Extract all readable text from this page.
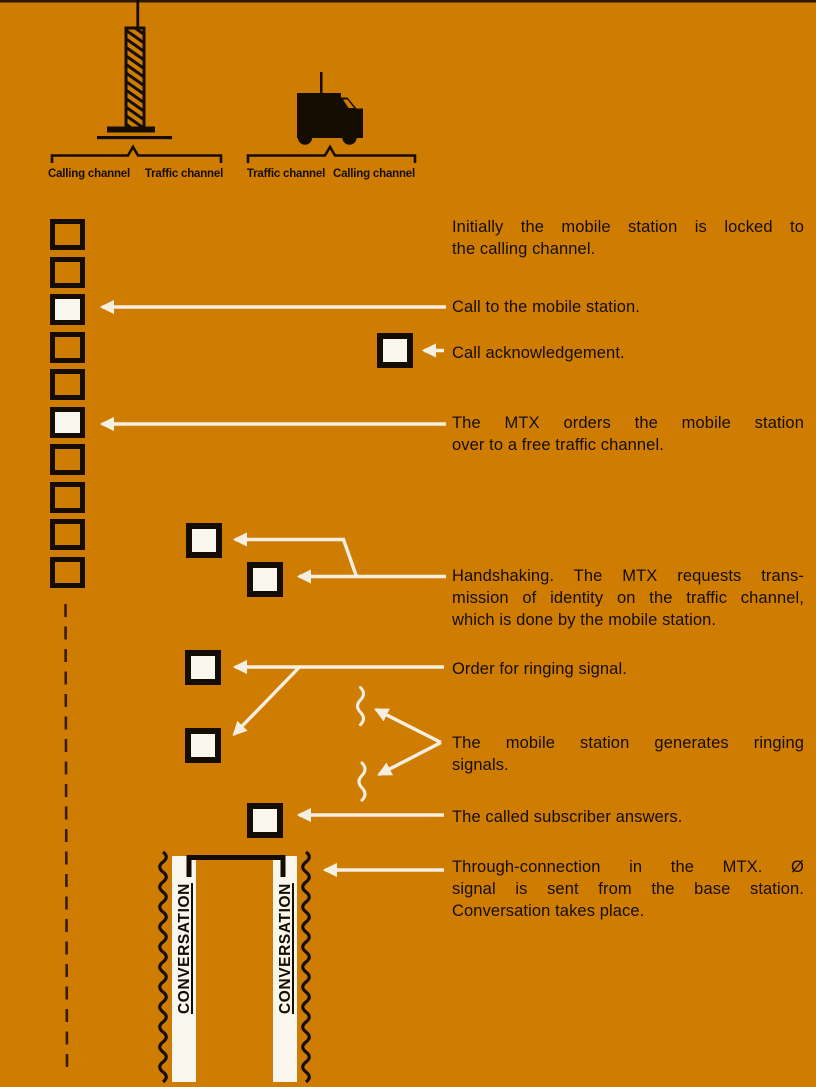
CONVERSATION	CONVERSATION
Calling channel Traffic channel Traffic channel Calling channel
Initially the mobile station is locked to
the calling channel.
Call to the mobile station.
Call acknowledgement.
The MTX orders the mobile station
over to a free traffic channel.
Handshaking. The MTX requests trans-
mission of identity on the traffic channel,
which is done by the mobile station.
Order for ringing signal.
The mobile station generates ringing
signals.
The called subscriber answers.
Through-connection in the MTX. Ø
signal is sent from the base station.
Conversation takes place.
